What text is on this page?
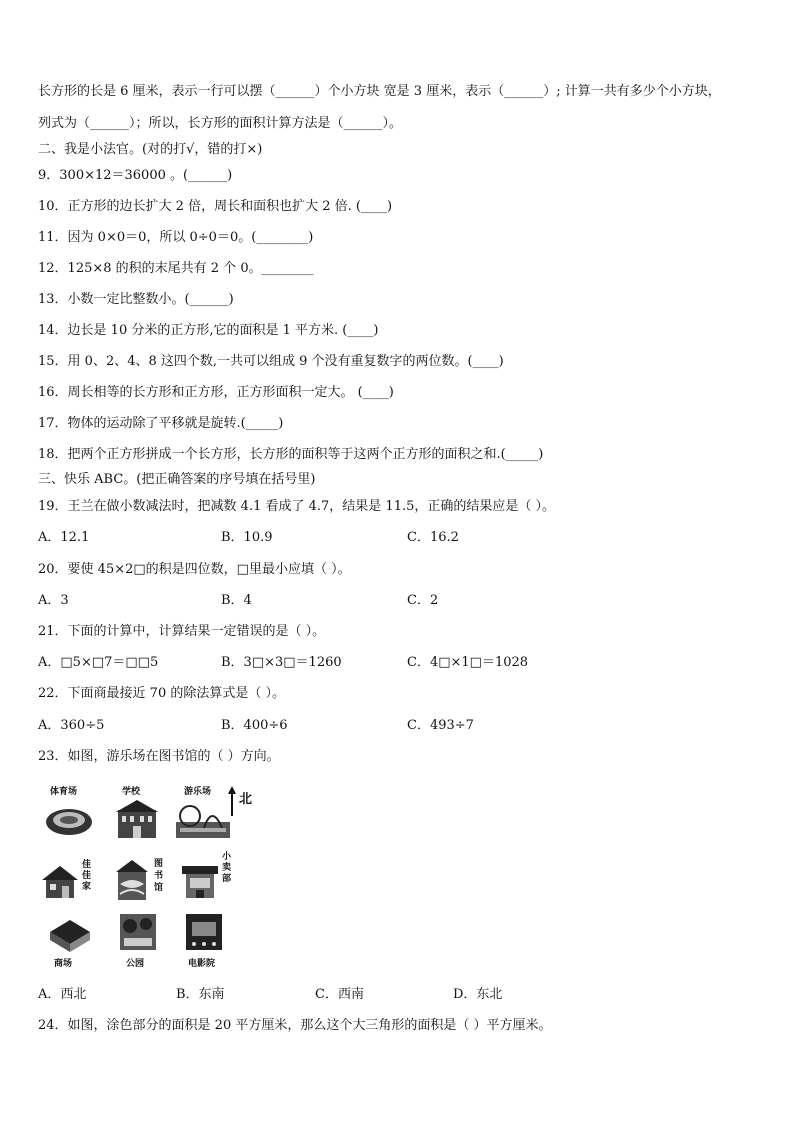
长方形的长是 6 厘米，表示一行可以摆（______）个小方块 宽是 3 厘米，表示（______）; 计算一共有多少个小方块，
列式为（______）；所以，长方形的面积计算方法是（______）。
二、我是小法官。(对的打√，错的打×)
9．300×12＝36000 。(______)
10．正方形的边长扩大 2 倍，周长和面积也扩大 2 倍. (____)
11．因为 0×0＝0，所以 0÷0＝0。(________)
12．125×8 的积的末尾共有 2 个 0。________
13．小数一定比整数小。(______)
14．边长是 10 分米的正方形,它的面积是 1 平方米. (____)
15．用 0、2、4、8 这四个数,一共可以组成 9 个没有重复数字的两位数。(____)
16．周长相等的长方形和正方形，正方形面积一定大。 (____)
17．物体的运动除了平移就是旋转.(_____)
18．把两个正方形拼成一个长方形，长方形的面积等于这两个正方形的面积之和.(_____)
三、快乐 ABC。(把正确答案的序号填在括号里)
19．王兰在做小数减法时，把减数 4.1 看成了 4.7，结果是 11.5，正确的结果应是（ ）。
A．12.1	B．10.9	C．16.2
20．要使 45×2□的积是四位数，□里最小应填（ ）。
A．3	B．4	C．2
21．下面的计算中，计算结果一定错误的是（ ）。
A．□5×□7＝□□5	B．3□×3□＝1260	C．4□×1□＝1028
22．下面商最接近 70 的除法算式是（ ）。
A．360÷5	B．400÷6	C．493÷7
23．如图，游乐场在图书馆的（ ）方向。
北
体育场	学校	游乐场
佳佳家
图书馆
小卖部
商场	公园	电影院
A．西北	B．东南	C．西南	D．东北
24．如图，涂色部分的面积是 20 平方厘米，那么这个大三角形的面积是（ ）平方厘米。
